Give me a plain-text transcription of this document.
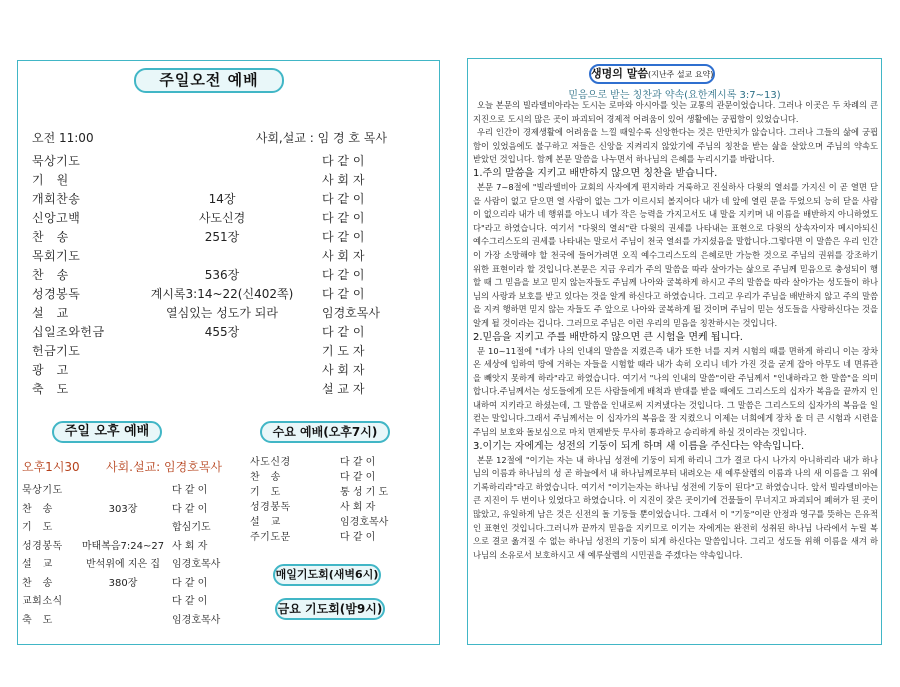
주일오전 예배
오전 11:00	사회,설교 : 임 경 호 목사
묵상기도	다 같 이
기　원	사 회 자
개회찬송	14장	다 같 이
신앙고백	사도신경	다 같 이
찬　송	251장	다 같 이
목회기도	사 회 자
찬　송	536장	다 같 이
성경봉독	계시록3:14~22(신402쪽)	다 같 이
설　교	열심있는 성도가 되라	임경호목사
십일조와헌금	455장	다 같 이
헌금기도	기 도 자
광　고	사 회 자
축　도	설 교 자
주일 오후 예배
오후1시30 사회.설교: 임경호목사
묵상기도	다 같 이
찬　송	303장	다 같 이
기　도	합심기도
성경봉독	마태복음7:24~27 사 회 자
설　교	반석위에 지은 집	임경호목사
찬　송	380장	다 같 이
교회소식	다 같 이
축　도	임경호목사
수요 예배(오후7시)
사도신경	다 같 이
찬　송	다 같 이
기　도	통 성 기 도
성경봉독	사 회 자
설　교	임경호목사
주기도문	다 같 이
매일기도회(새벽6시)
금요 기도회(밤9시)
생명의 말씀(지난주 설교 요약)
믿음으로 받는 칭찬과 약속(요한계시록 3:7~13)

오늘 본문의 빌라델비아라는 도시는 로마와 아시아를 잇는 교통의 관문이었습니다. 그러나 이곳은 두 차례의 큰 지진으로 도시의 많은 곳이 파괴되어 경제적 어려움이 있어 생활에는 궁핍함이 있었습니다.

우리 인간이 경제생활에 어려움을 느낄 때일수록 신앙한다는 것은 만만치가 않습니다. 그러나 그들의 삶에 궁핍함이 있었음에도 불구하고 저들은 신앙을 지켜리지 않았기에 주님의 칭찬을 받는 삶을 살았으며 주님의 약속도 받았던 것입니다. 함께 본문 말씀을 나누면서 하나님의 은혜를 누리시기를 바랍니다.

1.주의 말씀을 지키고 배반하지 않으면 칭찬을 받습니다.

본문 7~8절에 "빌라델비아 교회의 사자에게 편지하라 거룩하고 진실하사 다윗의 열쇠를 가지신 이 곧 열면 닫을 사람이 없고 닫으면 열 사람이 없는 그가 이르시되 볼지어다 내가 네 앞에 열린 문을 두었으되 능히 닫을 사람이 없으리라 내가 네 행위를 아노니 네가 작은 능력을 가지고서도 내 말을 지키며 내 이름을 배반하지 아니하였도다"라고 하였습니다. 여기서 "다윗의 열쇠"란 다윗의 권세를 나타내는 표현으로 다윗의 상속자이자 메시아되신 예수그리스도의 권세를 나타내는 말로서 주님이 천국 열쇠를 가지셨음을 말합니다.그렇다면 이 말씀은 우리 인간이 가장 소망해야 할 천국에 들어가려면 오직 예수그리스도의 은혜로만 가능한 것으로 주님의 권위를 강조하기 위한 표현이라 할 것입니다.본문은 지금 우리가 주의 말씀을 따라 살아가는 삶으로 주님께 믿음으로 충성되이 행할 때 그 믿음을 보고 믿지 않는자들도 주님께 나아와 굴복하게 하시고 주의 말씀을 따라 살아가는 성도들이 하나님의 사랑과 보호를 받고 있다는 것을 알게 하신다고 하였습니다. 그리고 우리가 주님을 배반하지 않고 주의 말씀을 지켜 행하면 믿지 않는 자들도 주 앞으로 나아와 굴복하게 될 것이며 주님이 믿는 성도들을 사랑하신다는 것을 알게 될 것이라는 겁니다. 그러므로 주님은 이런 우리의 믿음을 칭찬하시는 것입니다.

2.믿음을 지키고 주를 배반하지 않으면 큰 시험을 면케 됩니다.

문 10~11절에 "네가 나의 인내의 말씀을 지켰은즉 내가 또한 너를 지켜 시험의 때를 면하게 하리니 이는 장차 온 세상에 임하여 땅에 거하는 자들을 시험할 때라 내가 속히 오리니 네가 가진 것을 굳게 잡아 아무도 네 면류관을 빼앗지 못하게 하라"라고 하였습니다. 여기서 "나의 인내의 말씀"이란 주님께서 "인내하라고 한 말씀"을 의미합니다.주님께서는 성도들에게 모든 사람들에게 배척과 반대를 받을 때에도 그리스도의 십자가 복음을 끝까지 인내하여 지키라고 하셨는데, 그 말씀을 인내로써 지켜냈다는 것입니다. 그 말씀은 그리스도의 십자가의 복음을 일컫는 말입니다.그래서 주님께서는 이 십자가의 복음을 잘 지켰으니 이제는 너희에게 장차 올 더 큰 시험과 시련을 주님의 보호와 돌보심으로 마치 면제받듯 무사히 통과하고 승리하게 하실 것이라는 것입니다.

3.이기는 자에게는 성전의 기둥이 되게 하며 새 이름을 주신다는 약속입니다.

본문 12절에 "이기는 자는 내 하나님 성전에 기둥이 되게 하리니 그가 결코 다시 나가지 아니하리라 내가 하나님의 이름과 하나님의 성 곧 하늘에서 내 하나님께로부터 내려오는 새 예루살렘의 이름과 나의 새 이름을 그 위에 기록하리라"라고 하였습니다. 여기서 "이기는자는 하나님 성전에 기둥이 된다"고 하였습니다. 앞서 빌라델비아는 큰 지진이 두 번이나 있었다고 하였습니다. 이 지진이 잦은 곳이기에 건물들이 무너지고 파괴되어 폐허가 된 곳이 많았고, 유일하게 남은 것은 신전의 돌 기둥들 뿐이었습니다. 그래서 이 "기둥"이란 안정과 영구를 뜻하는 은유적인 표현인 것입니다.그러니까 끝까지 믿음을 지키므로 이기는 자에게는 완전히 성취된 하나님 나라에서 누릴 복으로 결코 옮겨질 수 없는 하나님 성전의 기둥이 되게 하신다는 말씀입니다. 그리고 성도들 위해 이름을 새겨 하나님의 소유로서 보호하시고 새 예루살렘의 시민권을 주겠다는 약속입니다.
